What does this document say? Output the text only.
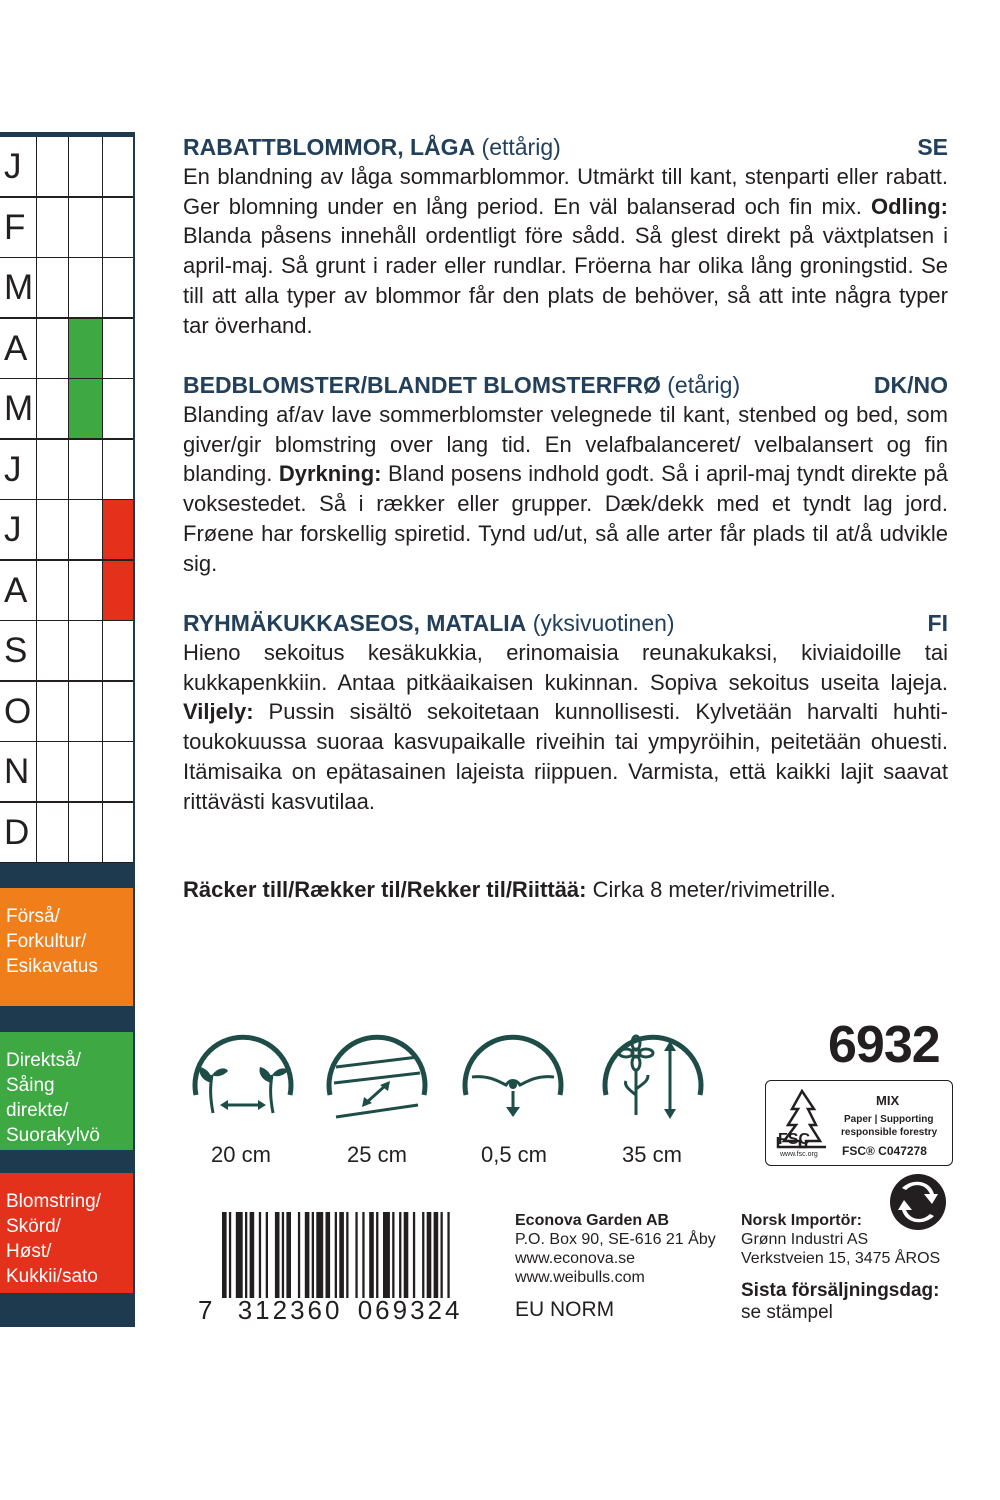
J
F
M
A
M
J
J
A
S
O
N
D
Förså/
Forkultur/
Esikavatus
Direktså/
Såing
direkte/
Suorakylvö
Blomstring/
Skörd/
Høst/
Kukkii/sato
RABATTBLOMMOR, LÅGA (ettårig)	SE
En blandning av låga sommarblommor. Utmärkt till kant, stenparti eller rabatt. Ger blomning under en lång period. En väl balanserad och fin mix. Odling: Blanda påsens innehåll ordentligt före sådd. Så glest direkt på växtplatsen i april-maj. Så grunt i rader eller rundlar. Fröerna har olika lång groningstid. Se till att alla typer av blommor får den plats de behöver, så att inte några typer tar överhand.
BEDBLOMSTER/BLANDET BLOMSTERFRØ (etårig)	DK/NO
Blanding af/av lave sommerblomster velegnede til kant, stenbed og bed, som giver/gir blomstring over lang tid. En velafbalanceret/ velbalansert og fin blanding. Dyrkning: Bland posens indhold godt. Så i april-maj tyndt direkte på voksestedet. Så i rækker eller grupper. Dæk/dekk med et tyndt lag jord. Frøene har forskellig spiretid. Tynd ud/ut, så alle arter får plads til at/å udvikle sig.
RYHMÄKUKKASEOS, MATALIA (yksivuotinen)	FI
Hieno sekoitus kesäkukkia, erinomaisia reunakukaksi, kiviaidoille tai kukkapenkkiin. Antaa pitkäaikaisen kukinnan. Sopiva sekoitus useita lajeja. Viljely: Pussin sisältö sekoitetaan kunnollisesti. Kylvetään harvalti huhti-toukokuussa suoraa kasvupaikalle riveihin tai ympyröihin, peitetään ohuesti. Itämisaika on epätasainen lajeista riippuen. Varmista, että kaikki lajit saavat rittävästi kasvutilaa.
Räcker till/Rækker til/Rekker til/Riittää: Cirka 8 meter/rivimetrille.
20 cm	25 cm	0,5 cm	35 cm
6932
FSC
www.fsc.org
MIX
Paper | Supporting
responsible forestry
FSC® C047278
7 312360 069324
Econova Garden AB
P.O. Box 90, SE-616 21 Åby
www.econova.se
www.weibulls.com
EU NORM
Norsk Importör:
Grønn Industri AS
Verkstveien 15, 3475 ÅROS
Sista försäljningsdag:
se stämpel
